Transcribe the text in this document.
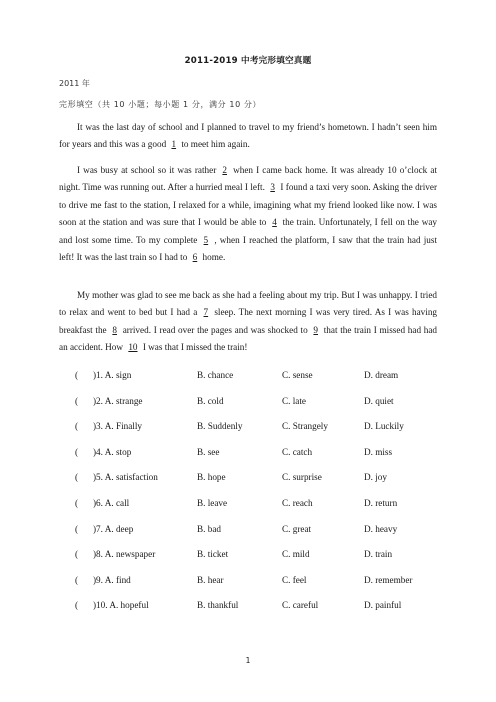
2011-2019 中考完形填空真题
2011 年
完形填空（共 10 小题；每小题 1 分，满分 10 分）

It was the last day of school and I planned to travel to my friend’s hometown. I hadn’t seen him for years and this was a good 1 to meet him again.

I was busy at school so it was rather 2 when I came back home. It was already 10 o’clock at night. Time was running out. After a hurried meal I left. 3 I found a taxi very soon. Asking the driver to drive me fast to the station, I relaxed for a while, imagining what my friend looked like now. I was soon at the station and was sure that I would be able to 4 the train. Unfortunately, I fell on the way and lost some time. To my complete 5 , when I reached the platform, I saw that the train had just left! It was the last train so I had to 6 home.

My mother was glad to see me back as she had a feeling about my trip. But I was unhappy. I tried to relax and went to bed but I had a 7 sleep. The next morning I was very tired. As I was having breakfast the 8 arrived. I read over the pages and was shocked to 9 that the train I missed had had an accident. How 10 I was that I missed the train!

( )1. A. sign	B. chance	C. sense	D. dream
( )2. A. strange	B. cold	C. late	D. quiet
( )3. A. Finally	B. Suddenly	C. Strangely	D. Luckily
( )4. A. stop	B. see	C. catch	D. miss
( )5. A. satisfaction	B. hope	C. surprise	D. joy
( )6. A. call	B. leave	C. reach	D. return
( )7. A. deep	B. bad	C. great	D. heavy
( )8. A. newspaper	B. ticket	C. mild	D. train
( )9. A. find	B. hear	C. feel	D. remember
( )10. A. hopeful	B. thankful	C. careful	D. painful
1
